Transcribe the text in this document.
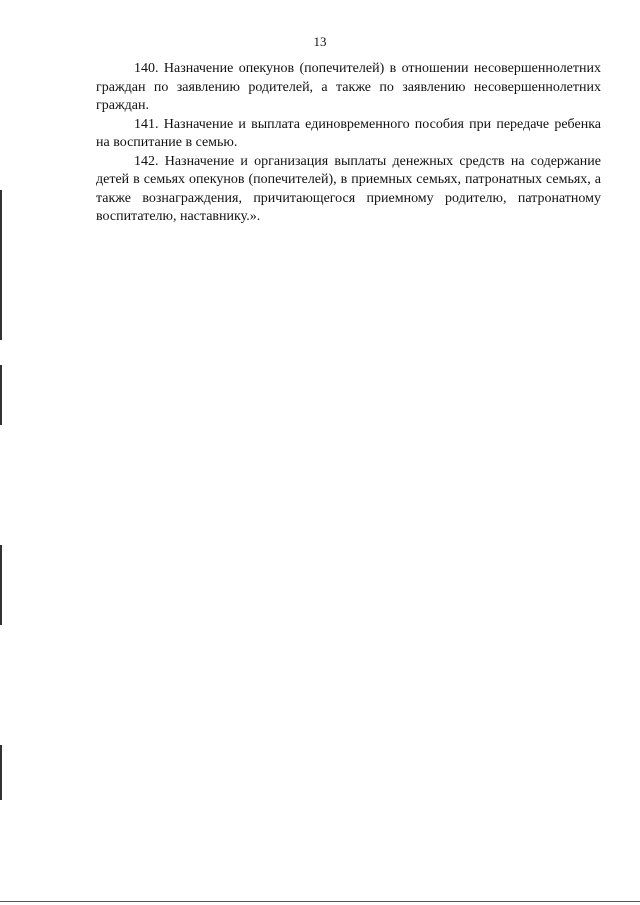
13

140. Назначение опекунов (попечителей) в отношении несовершеннолетних граждан по заявлению родителей, а также по заявлению несовершеннолетних граждан.

141. Назначение и выплата единовременного пособия при передаче ребенка на воспитание в семью.

142. Назначение и организация выплаты денежных средств на содержание детей в семьях опекунов (попечителей), в приемных семьях, патронатных семьях, а также вознаграждения, причитающегося приемному родителю, патронатному воспитателю, наставнику.».
